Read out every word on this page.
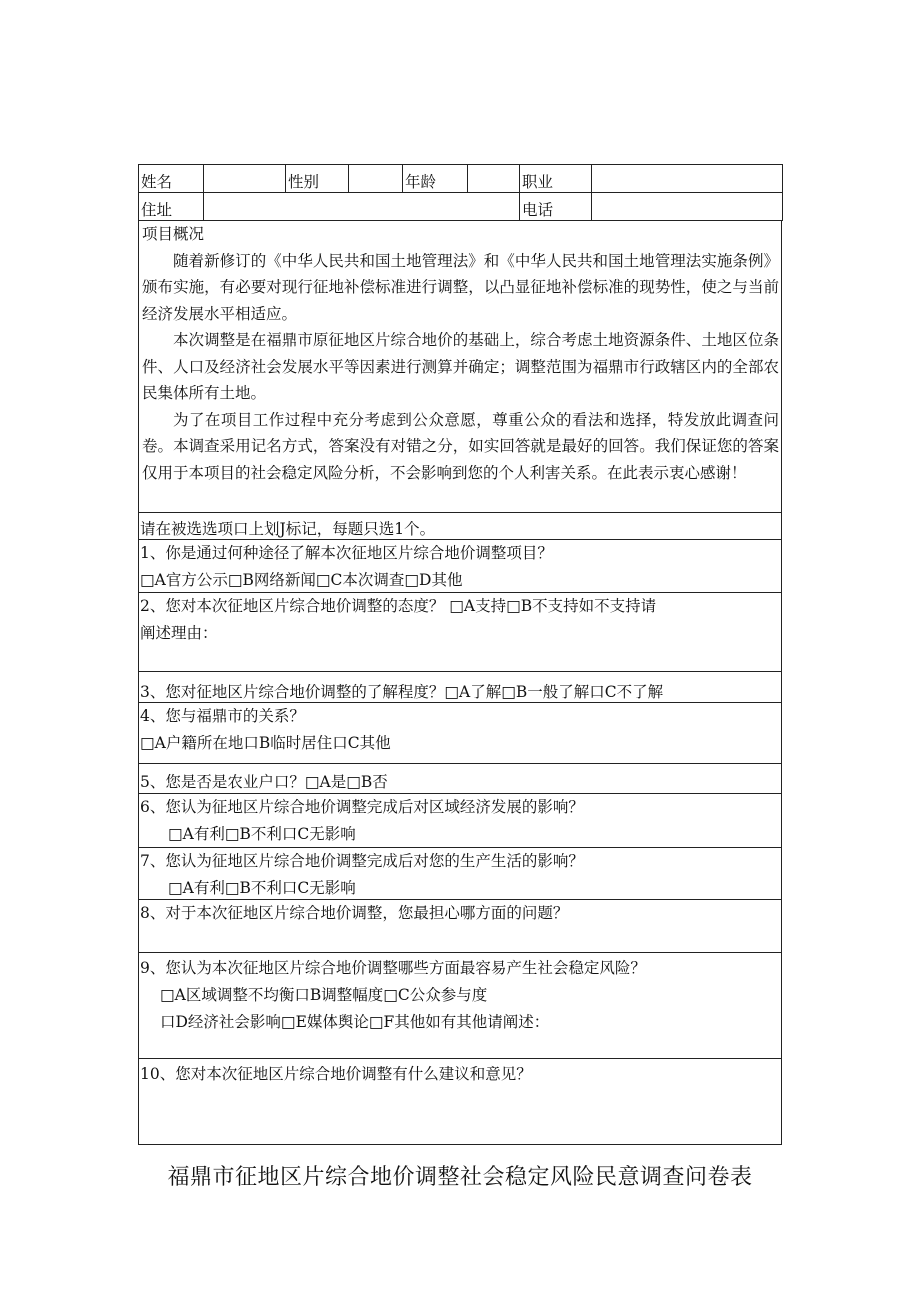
姓名		性别		年龄		职业	
住址						电话	

项目概况

随着新修订的《中华人民共和国土地管理法》和《中华人民共和国土地管理法实施条例》颁布实施，有必要对现行征地补偿标准进行调整，以凸显征地补偿标准的现势性，使之与当前经济发展水平相适应。

本次调整是在福鼎市原征地区片综合地价的基础上，综合考虑土地资源条件、土地区位条件、人口及经济社会发展水平等因素进行测算并确定；调整范围为福鼎市行政辖区内的全部农民集体所有土地。

为了在项目工作过程中充分考虑到公众意愿，尊重公众的看法和选择，特发放此调查问卷。本调查采用记名方式，答案没有对错之分，如实回答就是最好的回答。我们保证您的答案仅用于本项目的社会稳定风险分析，不会影响到您的个人利害关系。在此表示衷心感谢！

请在被选选项口上划J标记，每题只选1个。
1、你是通过何种途径了解本次征地区片综合地价调整项目？
□A官方公示□B网络新闻□C本次调查□D其他
2、您对本次征地区片综合地价调整的态度？ □A支持□B不支持如不支持请
阐述理由：
3、您对征地区片综合地价调整的了解程度？□A了解□B一般了解口C不了解
4、您与福鼎市的关系？
□A户籍所在地口B临时居住口C其他
5、您是否是农业户口？□A是□B否
6、您认为征地区片综合地价调整完成后对区域经济发展的影响？
□A有利□B不利口C无影响
7、您认为征地区片综合地价调整完成后对您的生产生活的影响？
□A有利□B不利口C无影响
8、对于本次征地区片综合地价调整，您最担心哪方面的问题？
9、您认为本次征地区片综合地价调整哪些方面最容易产生社会稳定风险？
□A区域调整不均衡口B调整幅度□C公众参与度
口D经济社会影响□E媒体舆论□F其他如有其他请阐述：
10、您对本次征地区片综合地价调整有什么建议和意见？
福鼎市征地区片综合地价调整社会稳定风险民意调查问卷表
